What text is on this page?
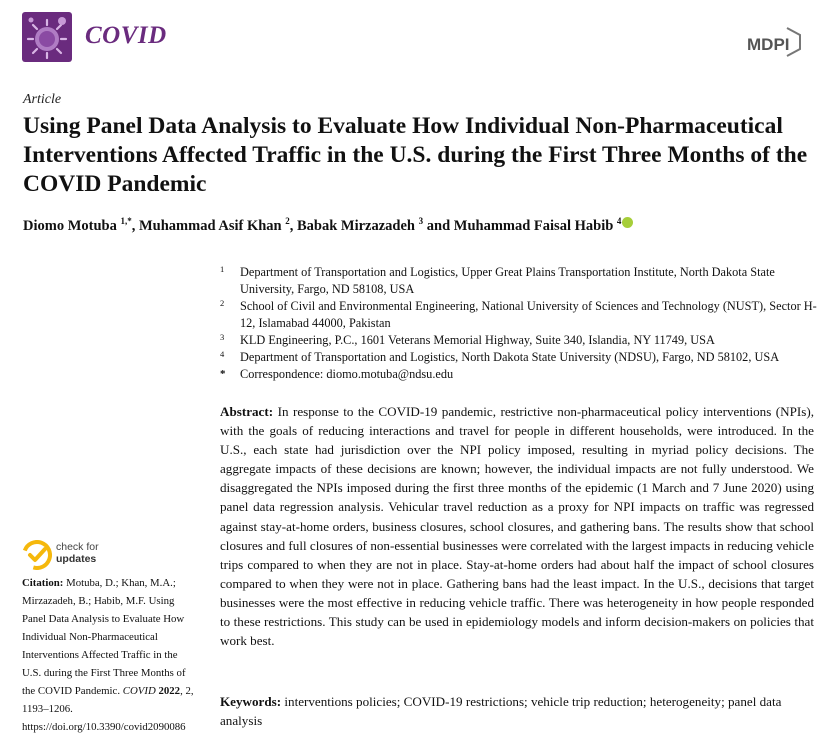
COVID	MDPI
Article
Using Panel Data Analysis to Evaluate How Individual Non-Pharmaceutical Interventions Affected Traffic in the U.S. during the First Three Months of the COVID Pandemic
Diomo Motuba $^{1,*}$, Muhammad Asif Khan $^2$, Babak Mirzazadeh $^3$ and Muhammad Faisal Habib $^4$
1 Department of Transportation and Logistics, Upper Great Plains Transportation Institute, North Dakota State University, Fargo, ND 58108, USA
2 School of Civil and Environmental Engineering, National University of Sciences and Technology (NUST), Sector H-12, Islamabad 44000, Pakistan
3 KLD Engineering, P.C., 1601 Veterans Memorial Highway, Suite 340, Islandia, NY 11749, USA
4 Department of Transportation and Logistics, North Dakota State University (NDSU), Fargo, ND 58102, USA
* Correspondence: diomo.motuba@ndsu.edu

Abstract: In response to the COVID-19 pandemic, restrictive non-pharmaceutical policy interventions (NPIs), with the goals of reducing interactions and travel for people in different households, were introduced. In the U.S., each state had jurisdiction over the NPI policy imposed, resulting in myriad policy decisions. The aggregate impacts of these decisions are known; however, the individual impacts are not fully understood. We disaggregated the NPIs imposed during the first three months of the epidemic (1 March and 7 June 2020) using panel data regression analysis. Vehicular travel reduction as a proxy for NPI impacts on traffic was regressed against stay-at-home orders, business closures, school closures, and gathering bans. The results show that school closures and full closures of non-essential businesses were correlated with the largest impacts in reducing vehicle trips compared to when they are not in place. Stay-at-home orders had about half the impact of school closures compared to when they were not in place. Gathering bans had the least impact. In the U.S., decisions that target businesses were the most effective in reducing vehicle traffic. There was heterogeneity in how people responded to these restrictions. This study can be used in epidemiology models and inform decision-makers on policies that work best.

Keywords: interventions policies; COVID-19 restrictions; vehicle trip reduction; heterogeneity; panel data analysis

check for
updates

Citation: Motuba, D.; Khan, M.A.; Mirzazadeh, B.; Habib, M.F. Using Panel Data Analysis to Evaluate How Individual Non-Pharmaceutical Interventions Affected Traffic in the U.S. during the First Three Months of the COVID Pandemic. COVID 2022, 2, 1193–1206. https://doi.org/10.3390/covid2090086
